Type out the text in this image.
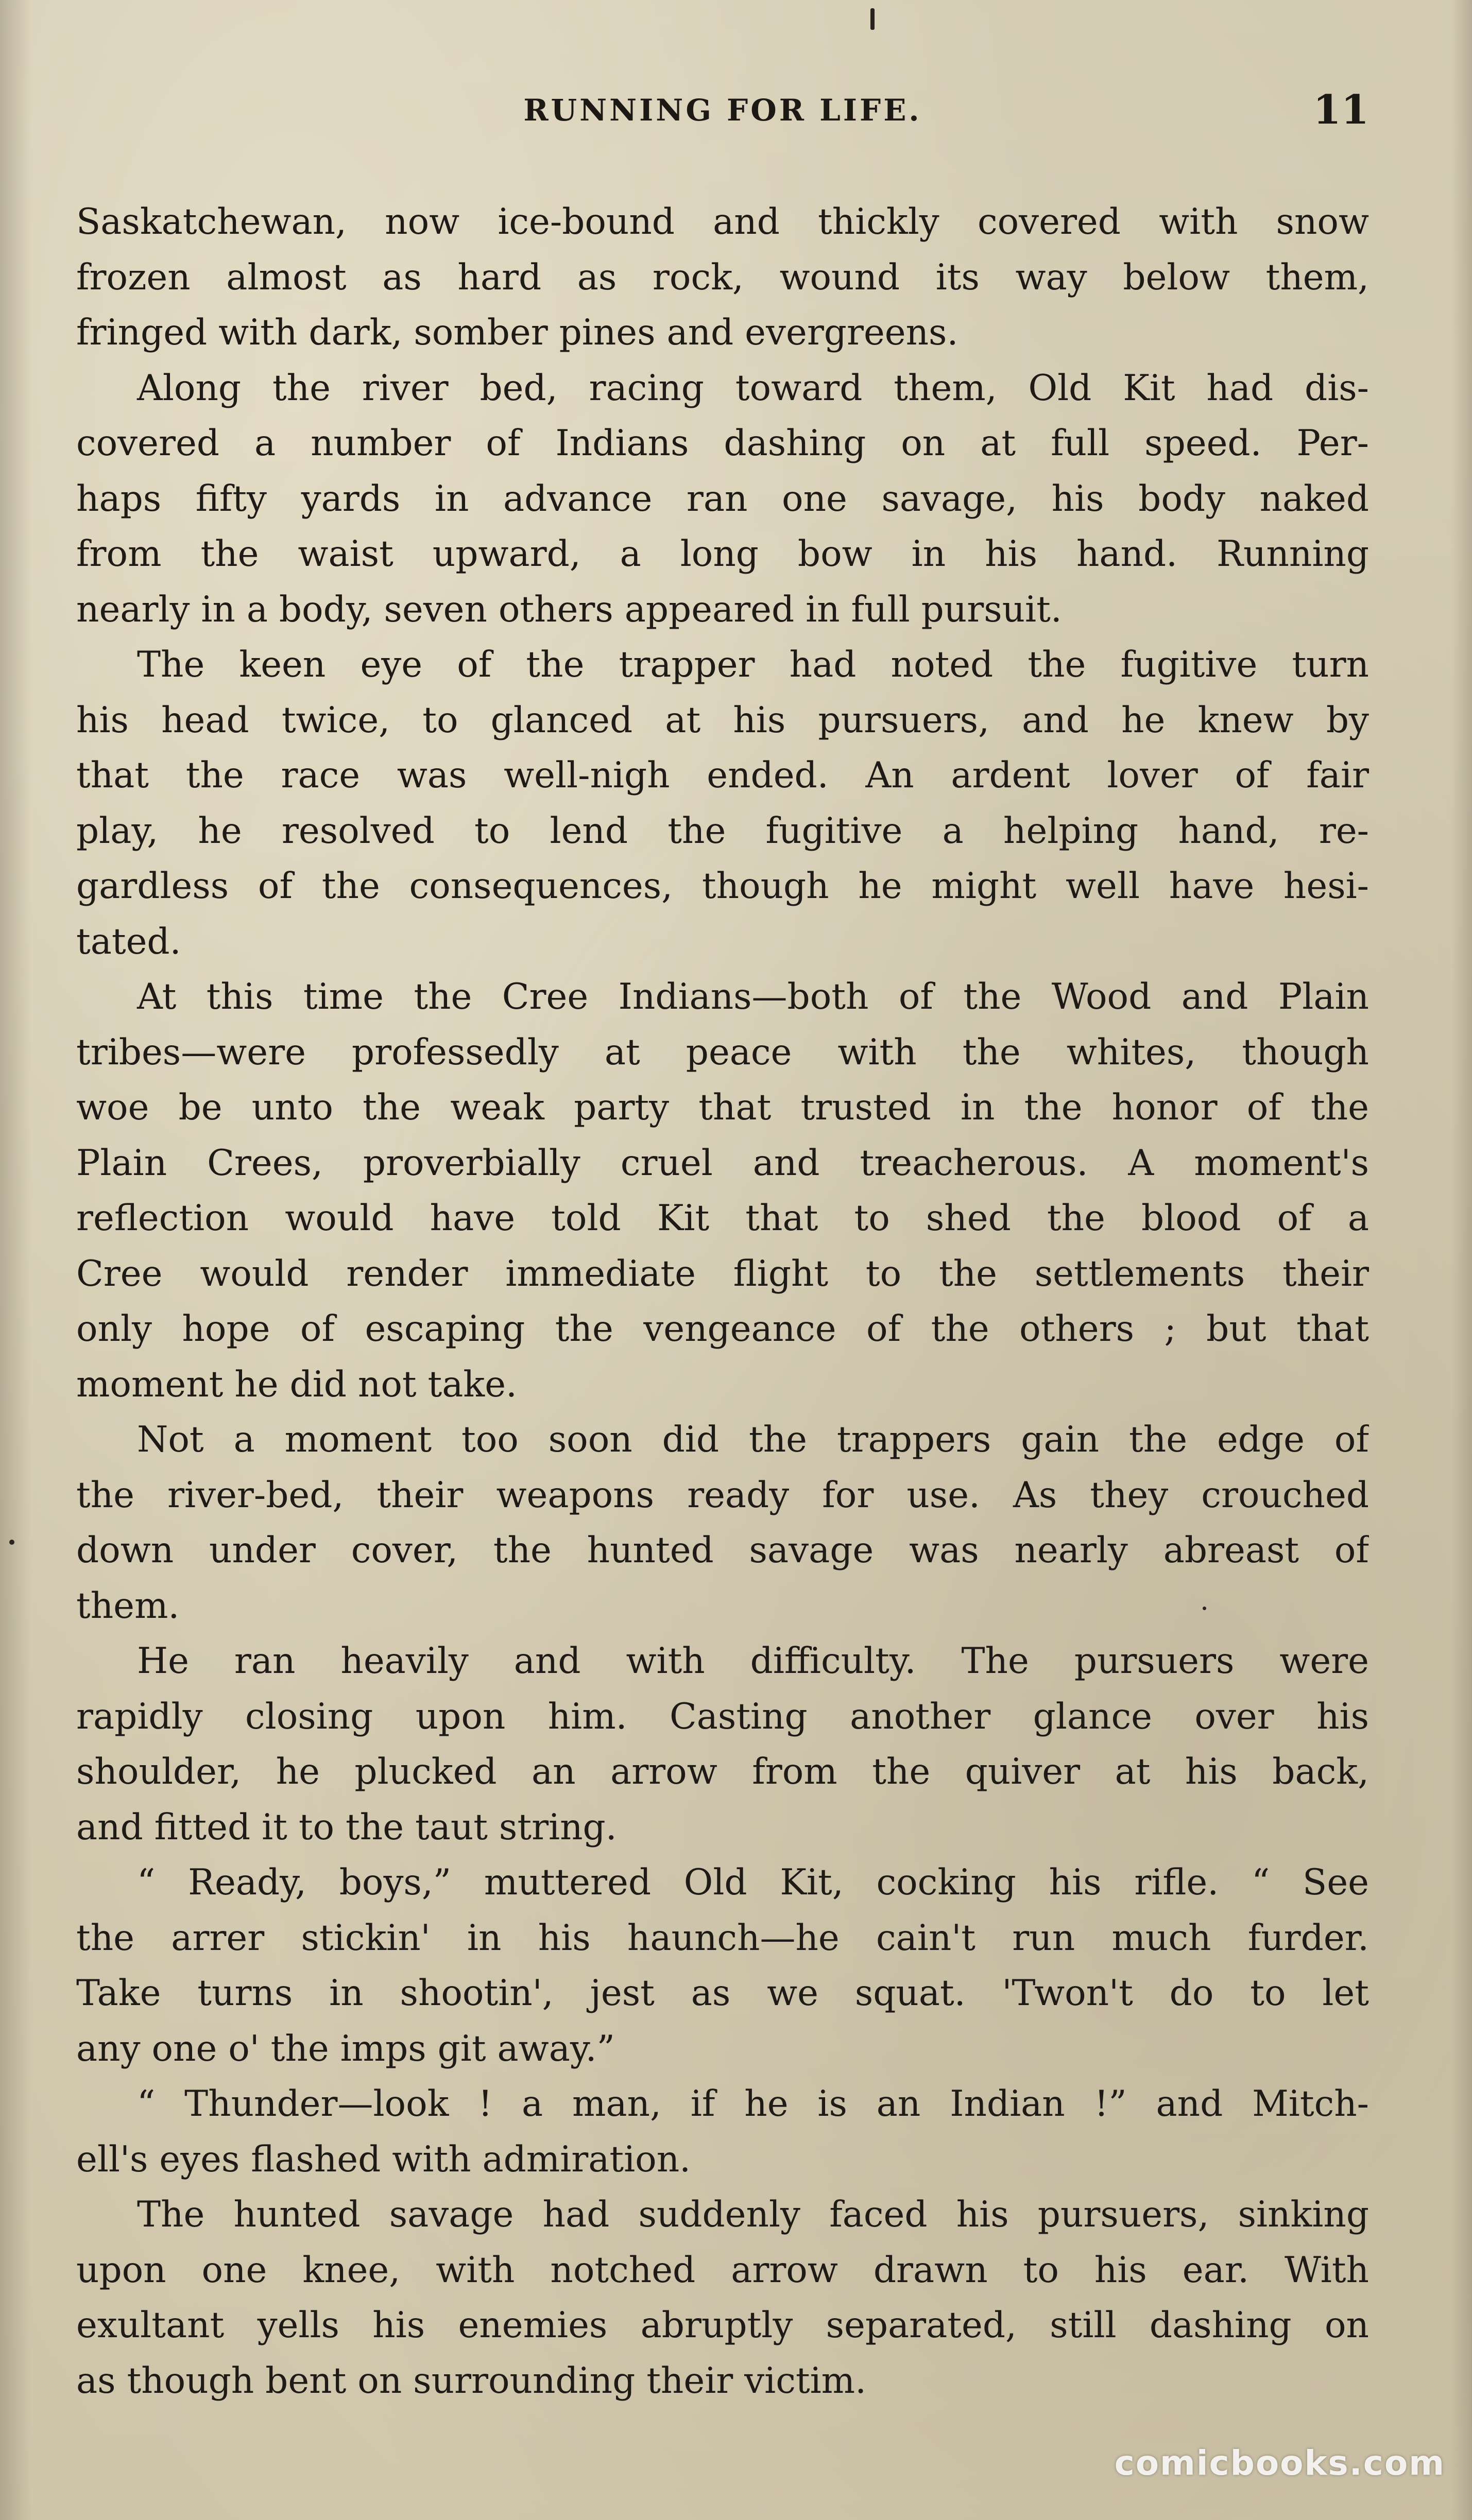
RUNNING FOR LIFE.	11
Saskatchewan, now ice-bound and thickly covered with snow
frozen almost as hard as rock, wound its way below them,
fringed with dark, somber pines and evergreens.
Along the river bed, racing toward them, Old Kit had dis-
covered a number of Indians dashing on at full speed. Per-
haps fifty yards in advance ran one savage, his body naked
from the waist upward, a long bow in his hand. Running
nearly in a body, seven others appeared in full pursuit.
The keen eye of the trapper had noted the fugitive turn
his head twice, to glanced at his pursuers, and he knew by
that the race was well-nigh ended. An ardent lover of fair
play, he resolved to lend the fugitive a helping hand, re-
gardless of the consequences, though he might well have hesi-
tated.
At this time the Cree Indians—both of the Wood and Plain
tribes—were professedly at peace with the whites, though
woe be unto the weak party that trusted in the honor of the
Plain Crees, proverbially cruel and treacherous. A moment's
reflection would have told Kit that to shed the blood of a
Cree would render immediate flight to the settlements their
only hope of escaping the vengeance of the others ; but that
moment he did not take.
Not a moment too soon did the trappers gain the edge of
the river-bed, their weapons ready for use. As they crouched
down under cover, the hunted savage was nearly abreast of
them.
He ran heavily and with difficulty. The pursuers were
rapidly closing upon him. Casting another glance over his
shoulder, he plucked an arrow from the quiver at his back,
and fitted it to the taut string.
“ Ready, boys,” muttered Old Kit, cocking his rifle. “ See
the arrer stickin' in his haunch—he cain't run much furder.
Take turns in shootin', jest as we squat. 'Twon't do to let
any one o' the imps git away.”
“ Thunder—look ! a man, if he is an Indian !” and Mitch-
ell's eyes flashed with admiration.
The hunted savage had suddenly faced his pursuers, sinking
upon one knee, with notched arrow drawn to his ear. With
exultant yells his enemies abruptly separated, still dashing on
as though bent on surrounding their victim.
comicbooks.com
